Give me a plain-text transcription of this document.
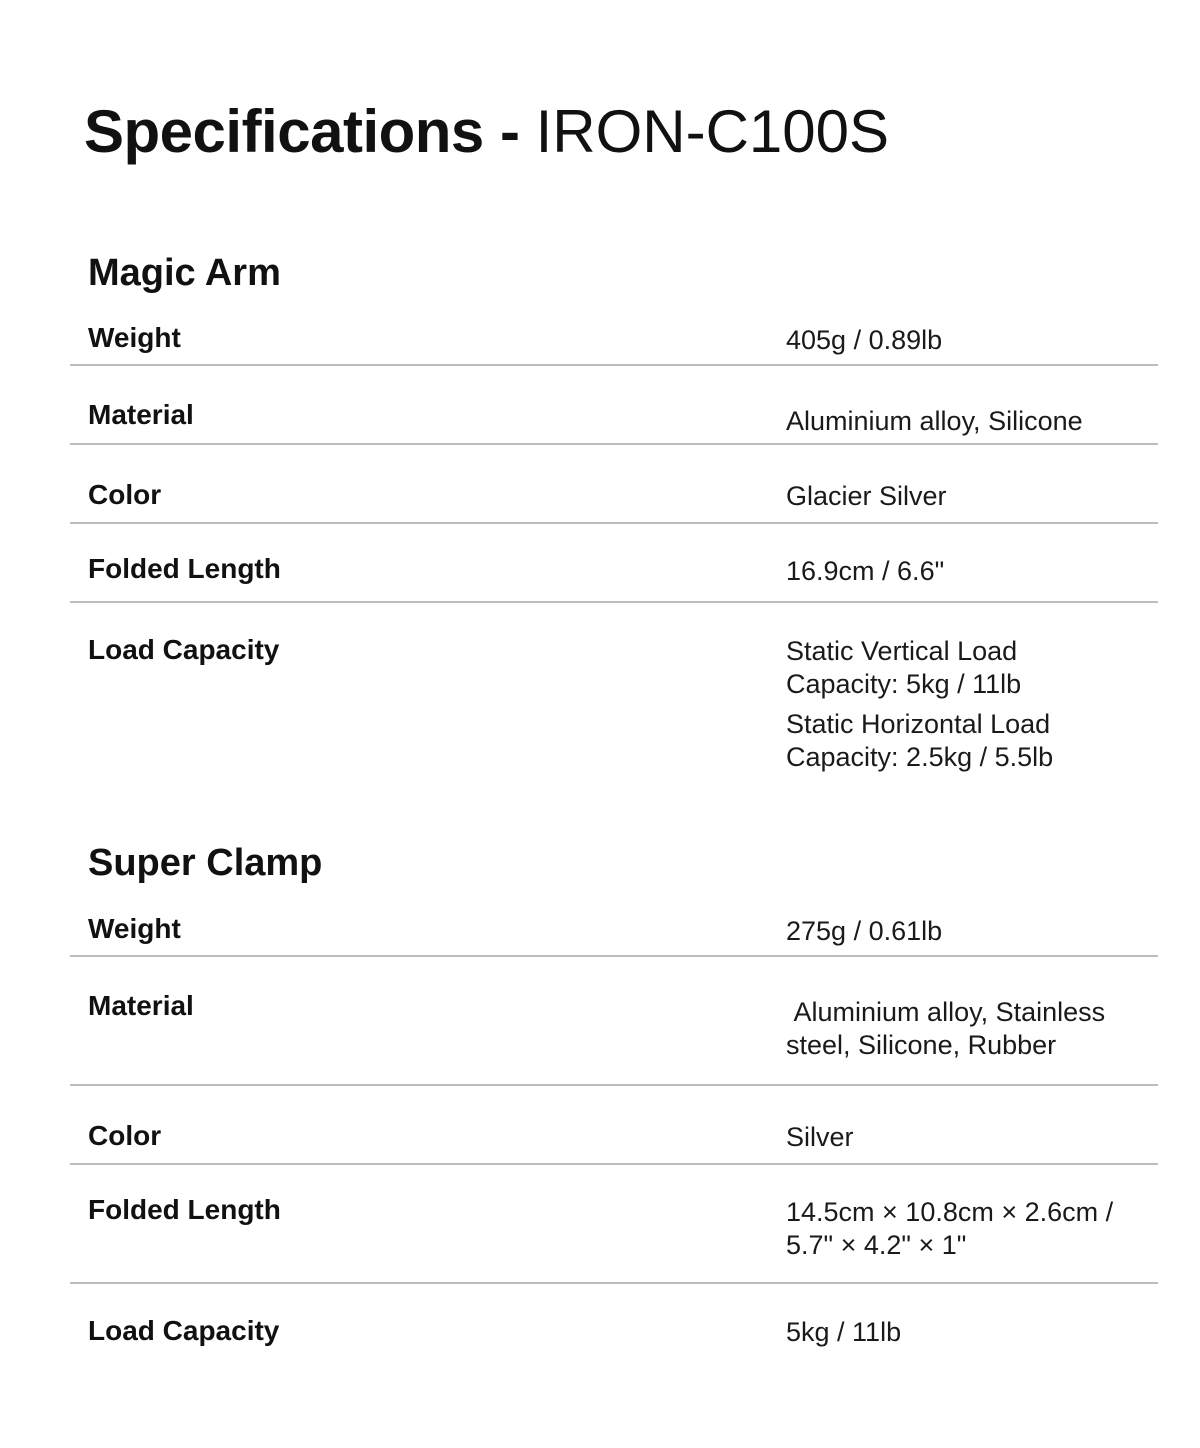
Specifications - IRON-C100S
Magic Arm
Weight	405g / 0.89lb
Material	Aluminium alloy, Silicone
Color	Glacier Silver
Folded Length	16.9cm / 6.6"
Load Capacity	Static Vertical Load Capacity: 5kg / 11lb
Static Horizontal Load Capacity: 2.5kg / 5.5lb
Super Clamp
Weight	275g / 0.61lb
Material	Aluminium alloy, Stainless steel, Silicone, Rubber
Color	Silver
Folded Length	14.5cm × 10.8cm × 2.6cm / 5.7" × 4.2" × 1"
Load Capacity	5kg / 11lb
